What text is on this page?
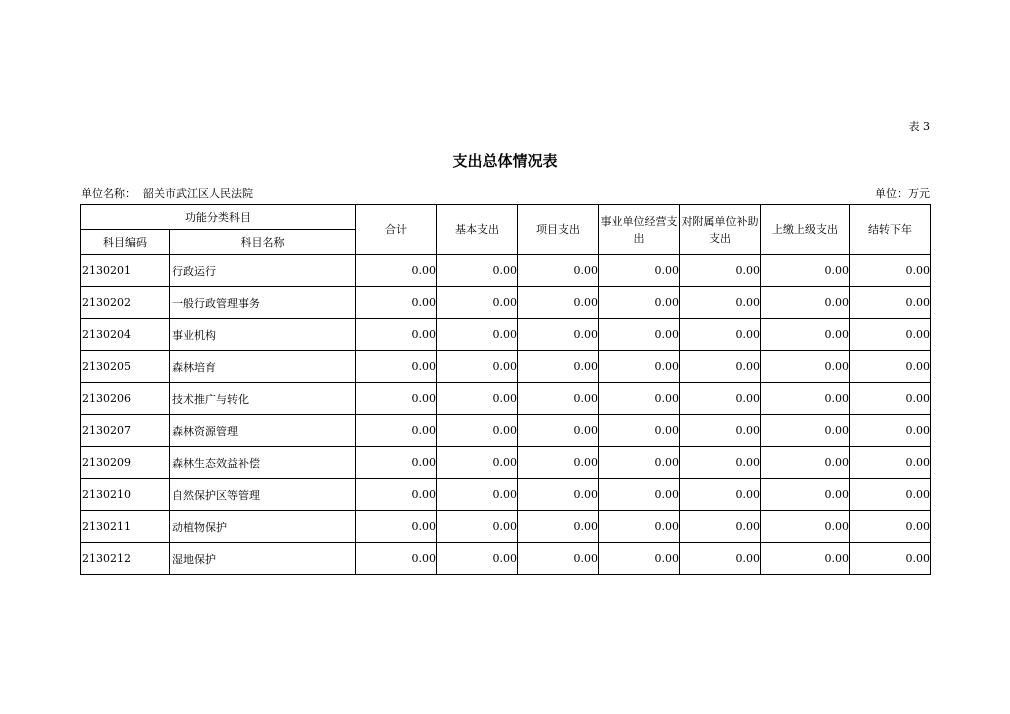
表 3
支出总体情况表
单位名称： 韶关市武江区人民法院	单位：万元
功能分类科目		合计	基本支出	项目支出	事业单位经营支出	对附属单位补助支出	上缴上级支出	结转下年
科目编码	科目名称							
2130201	行政运行	0.00	0.00	0.00	0.00	0.00	0.00	0.00
2130202	一般行政管理事务	0.00	0.00	0.00	0.00	0.00	0.00	0.00
2130204	事业机构	0.00	0.00	0.00	0.00	0.00	0.00	0.00
2130205	森林培育	0.00	0.00	0.00	0.00	0.00	0.00	0.00
2130206	技术推广与转化	0.00	0.00	0.00	0.00	0.00	0.00	0.00
2130207	森林资源管理	0.00	0.00	0.00	0.00	0.00	0.00	0.00
2130209	森林生态效益补偿	0.00	0.00	0.00	0.00	0.00	0.00	0.00
2130210	自然保护区等管理	0.00	0.00	0.00	0.00	0.00	0.00	0.00
2130211	动植物保护	0.00	0.00	0.00	0.00	0.00	0.00	0.00
2130212	湿地保护	0.00	0.00	0.00	0.00	0.00	0.00	0.00
